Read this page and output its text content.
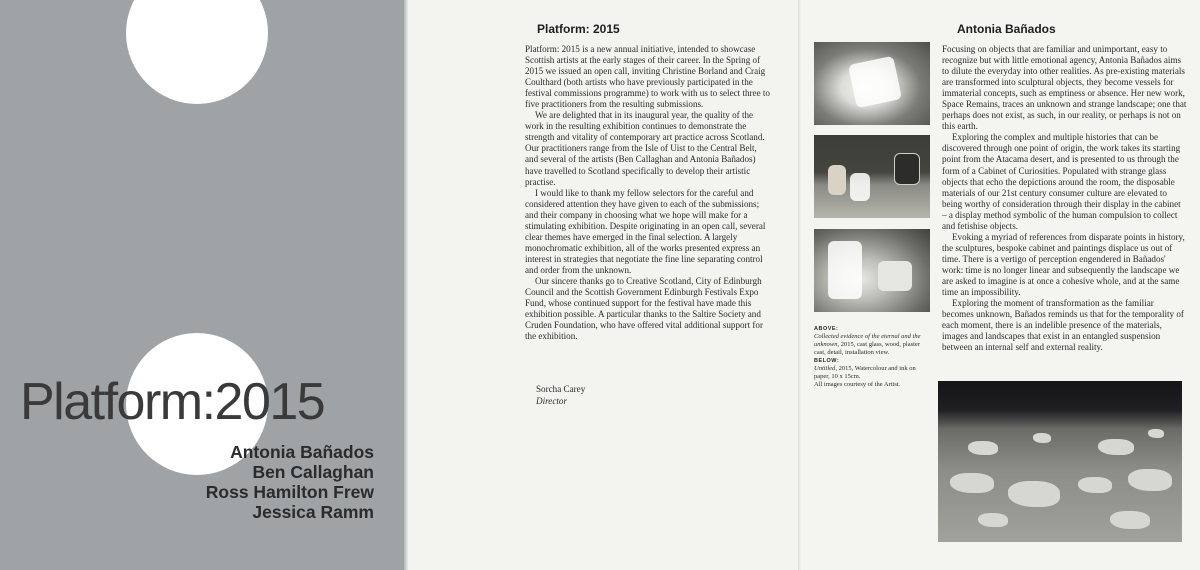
Platform:2015
Antonia Bañados
Ben Callaghan
Ross Hamilton Frew
Jessica Ramm
Platform: 2015

Platform: 2015 is a new annual initiative, intended to showcase Scottish artists at the early stages of their career. In the Spring of 2015 we issued an open call, inviting Christine Borland and Craig Coulthard (both artists who have previously participated in the festival commissions programme) to work with us to select three to five practitioners from the resulting submissions.

We are delighted that in its inaugural year, the quality of the work in the resulting exhibition continues to demonstrate the strength and vitality of contemporary art practice across Scotland. Our practitioners range from the Isle of Uist to the Central Belt, and several of the artists (Ben Callaghan and Antonia Bañados) have travelled to Scotland specifically to develop their artistic practise.

I would like to thank my fellow selectors for the careful and considered attention they have given to each of the submissions; and their company in choosing what we hope will make for a stimulating exhibition. Despite originating in an open call, several clear themes have emerged in the final selection. A largely monochromatic exhibition, all of the works presented express an interest in strategies that negotiate the fine line separating control and order from the unknown.

Our sincere thanks go to Creative Scotland, City of Edinburgh Council and the Scottish Government Edinburgh Festivals Expo Fund, whose continued support for the festival have made this exhibition possible. A particular thanks to the Saltire Society and Cruden Foundation, who have offered vital additional support for the exhibition.

Sorcha Carey
Director
ABOVE:
Collected evidence of the eternal and the unknown, 2015, cast glass, wood, plaster cast, detail, installation view.
BELOW:
Untitled, 2015, Watercolour and ink on paper, 10 x 15cm.
All images courtesy of the Artist.
Antonia Bañados

Focusing on objects that are familiar and unimportant, easy to recognize but with little emotional agency, Antonia Bañados aims to dilute the everyday into other realities. As pre-existing materials are transformed into sculptural objects, they become vessels for immaterial concepts, such as emptiness or absence. Her new work, Space Remains, traces an unknown and strange landscape; one that perhaps does not exist, as such, in our reality, or perhaps is not on this earth.

Exploring the complex and multiple histories that can be discovered through one point of origin, the work takes its starting point from the Atacama desert, and is presented to us through the form of a Cabinet of Curiosities. Populated with strange glass objects that echo the depictions around the room, the disposable materials of our 21st century consumer culture are elevated to being worthy of consideration through their display in the cabinet – a display method symbolic of the human compulsion to collect and fetishise objects.

Evoking a myriad of references from disparate points in history, the sculptures, bespoke cabinet and paintings displace us out of time. There is a vertigo of perception engendered in Bañados' work: time is no longer linear and subsequently the landscape we are asked to imagine is at once a cohesive whole, and at the same time an impossibility.

Exploring the moment of transformation as the familiar becomes unknown, Bañados reminds us that for the temporality of each moment, there is an indelible presence of the materials, images and landscapes that exist in an entangled suspension between an internal self and external reality.
